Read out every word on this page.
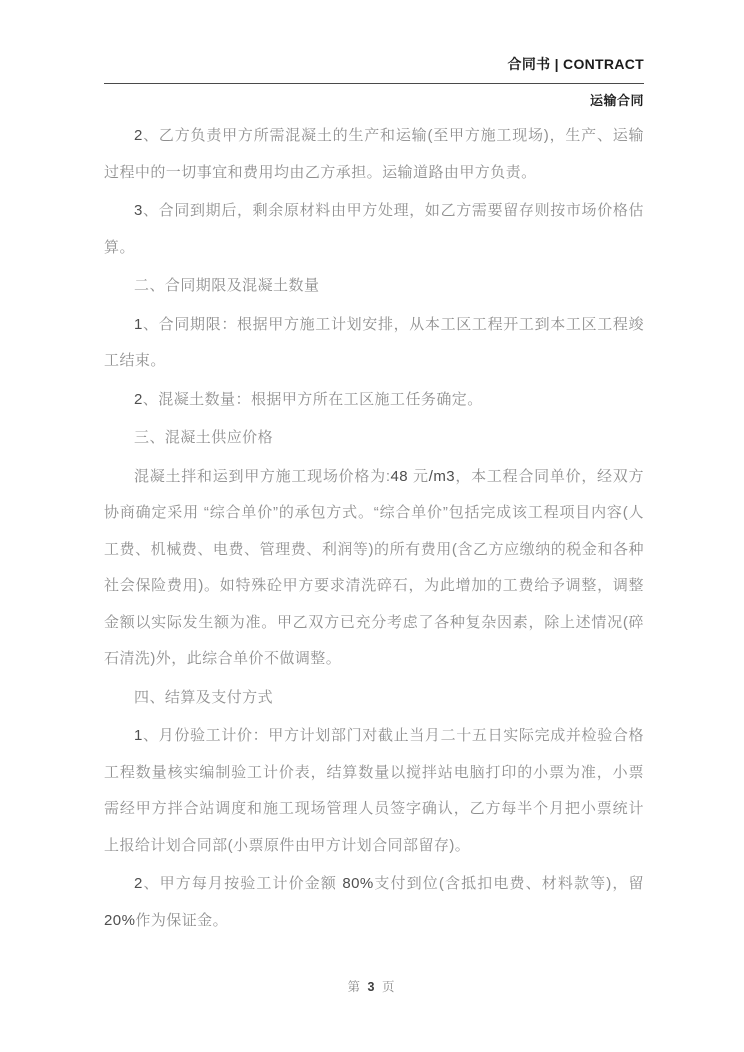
合同书 | CONTRACT
运输合同

2、乙方负责甲方所需混凝土的生产和运输(至甲方施工现场)，生产、运输过程中的一切事宜和费用均由乙方承担。运输道路由甲方负责。

3、合同到期后，剩余原材料由甲方处理，如乙方需要留存则按市场价格估算。

二、合同期限及混凝土数量

1、合同期限：根据甲方施工计划安排，从本工区工程开工到本工区工程竣工结束。

2、混凝土数量：根据甲方所在工区施工任务确定。

三、混凝土供应价格

混凝土拌和运到甲方施工现场价格为:48 元/m3，本工程合同单价，经双方协商确定采用 “综合单价”的承包方式。“综合单价”包括完成该工程项目内容(人工费、机械费、电费、管理费、利润等)的所有费用(含乙方应缴纳的税金和各种社会保险费用)。如特殊砼甲方要求清洗碎石，为此增加的工费给予调整，调整金额以实际发生额为准。甲乙双方已充分考虑了各种复杂因素，除上述情况(碎石清洗)外，此综合单价不做调整。

四、结算及支付方式

1、月份验工计价：甲方计划部门对截止当月二十五日实际完成并检验合格工程数量核实编制验工计价表，结算数量以搅拌站电脑打印的小票为准，小票需经甲方拌合站调度和施工现场管理人员签字确认，乙方每半个月把小票统计上报给计划合同部(小票原件由甲方计划合同部留存)。

2、甲方每月按验工计价金额 80%支付到位(含抵扣电费、材料款等)，留 20%作为保证金。

第 3 页
